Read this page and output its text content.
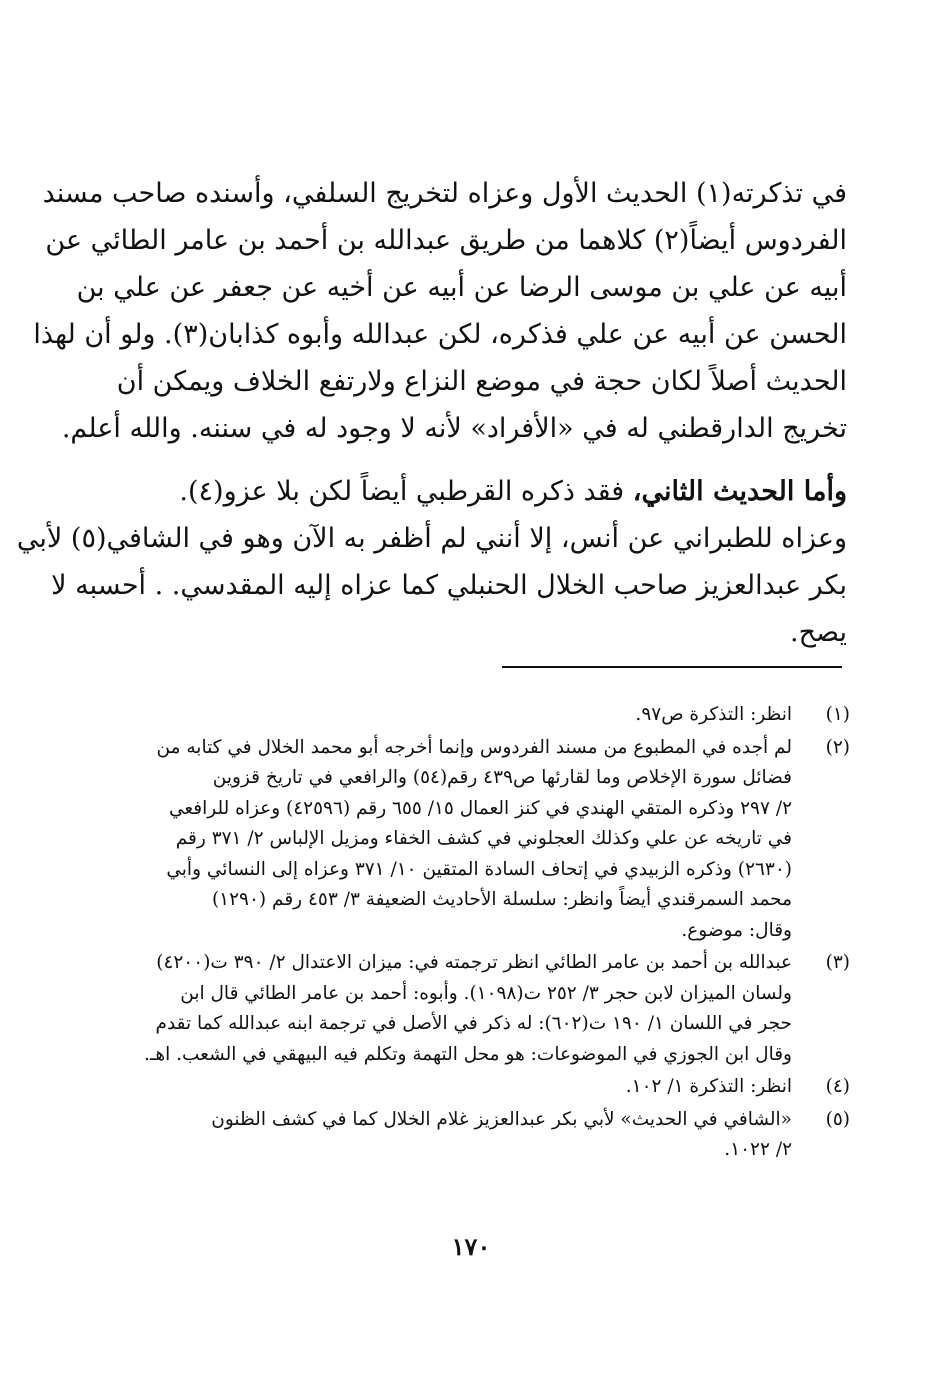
في تذكرته(١) الحديث الأول وعزاه لتخريج السلفي، وأسنده صاحب مسند
الفردوس أيضاً(٢) كلاهما من طريق عبدالله بن أحمد بن عامر الطائي عن
أبيه عن علي بن موسى الرضا عن أبيه عن أخيه عن جعفر عن علي بن
الحسن عن أبيه عن علي فذكره، لكن عبدالله وأبوه كذابان(٣). ولو أن لهذا
الحديث أصلاً لكان حجة في موضع النزاع ولارتفع الخلاف ويمكن أن
تخريج الدارقطني له في «الأفراد» لأنه لا وجود له في سننه. والله أعلم.
وأما الحديث الثاني، فقد ذكره القرطبي أيضاً لكن بلا عزو(٤).
وعزاه للطبراني عن أنس، إلا أنني لم أظفر به الآن وهو في الشافي(٥) لأبي
بكر عبدالعزيز صاحب الخلال الحنبلي كما عزاه إليه المقدسي. . أحسبه لا
يصح.
(١)
انظر: التذكرة ص٩٧.
(٢)
لم أجده في المطبوع من مسند الفردوس وإنما أخرجه أبو محمد الخلال في كتابه من
فضائل سورة الإخلاص وما لقارئها ص٤٣٩ رقم(٥٤) والرافعي في تاريخ قزوين
٢/ ٢٩٧ وذكره المتقي الهندي في كنز العمال ١٥/ ٦٥٥ رقم (٤٢٥٩٦) وعزاه للرافعي
في تاريخه عن علي وكذلك العجلوني في كشف الخفاء ومزيل الإلباس ٢/ ٣٧١ رقم
(٢٦٣٠) وذكره الزبيدي في إتحاف السادة المتقين ١٠/ ٣٧١ وعزاه إلى النسائي وأبي
محمد السمرقندي أيضاً وانظر: سلسلة الأحاديث الضعيفة ٣/ ٤٥٣ رقم (١٢٩٠)
وقال: موضوع.
(٣)
عبدالله بن أحمد بن عامر الطائي انظر ترجمته في: ميزان الاعتدال ٢/ ٣٩٠ ت(٤٢٠٠)
ولسان الميزان لابن حجر ٣/ ٢٥٢ ت(١٠٩٨). وأبوه: أحمد بن عامر الطائي قال ابن
حجر في اللسان ١/ ١٩٠ ت(٦٠٢): له ذكر في الأصل في ترجمة ابنه عبدالله كما تقدم
وقال ابن الجوزي في الموضوعات: هو محل التهمة وتكلم فيه البيهقي في الشعب. اهـ.
(٤)
انظر: التذكرة ١/ ١٠٢.
(٥)
«الشافي في الحديث» لأبي بكر عبدالعزيز غلام الخلال كما في كشف الظنون
٢/ ١٠٢٢.
١٧٠
